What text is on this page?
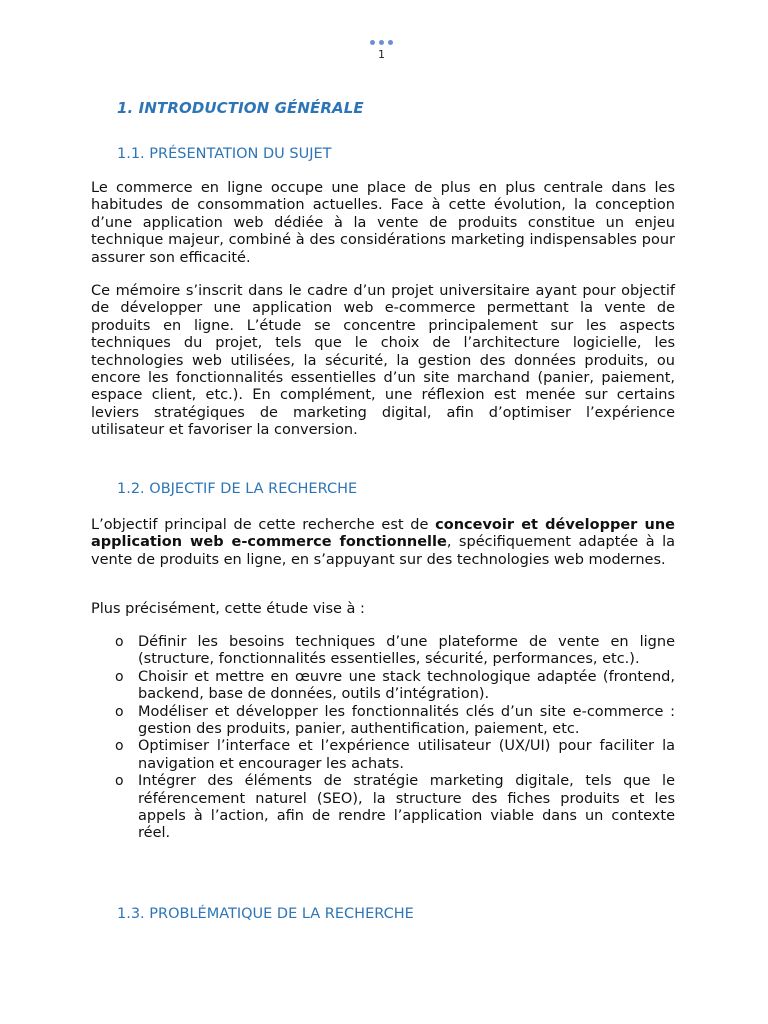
1
1. INTRODUCTION GÉNÉRALE
1.1. PRÉSENTATION DU SUJET
Le commerce en ligne occupe une place de plus en plus centrale dans les habitudes de consommation actuelles. Face à cette évolution, la conception d’une application web dédiée à la vente de produits constitue un enjeu technique majeur, combiné à des considérations marketing indispensables pour assurer son efficacité.
Ce mémoire s’inscrit dans le cadre d’un projet universitaire ayant pour objectif de développer une application web e-commerce permettant la vente de produits en ligne. L’étude se concentre principalement sur les aspects techniques du projet, tels que le choix de l’architecture logicielle, les technologies web utilisées, la sécurité, la gestion des données produits, ou encore les fonctionnalités essentielles d’un site marchand (panier, paiement, espace client, etc.). En complément, une réflexion est menée sur certains leviers stratégiques de marketing digital, afin d’optimiser l’expérience utilisateur et favoriser la conversion.
1.2. OBJECTIF DE LA RECHERCHE
L’objectif principal de cette recherche est de concevoir et développer une application web e-commerce fonctionnelle, spécifiquement adaptée à la vente de produits en ligne, en s’appuyant sur des technologies web modernes.
Plus précisément, cette étude vise à :
o Définir les besoins techniques d’une plateforme de vente en ligne (structure, fonctionnalités essentielles, sécurité, performances, etc.).
o Choisir et mettre en œuvre une stack technologique adaptée (frontend, backend, base de données, outils d’intégration).
o Modéliser et développer les fonctionnalités clés d’un site e-commerce : gestion des produits, panier, authentification, paiement, etc.
o Optimiser l’interface et l’expérience utilisateur (UX/UI) pour faciliter la navigation et encourager les achats.
o Intégrer des éléments de stratégie marketing digitale, tels que le référencement naturel (SEO), la structure des fiches produits et les appels à l’action, afin de rendre l’application viable dans un contexte réel.
1.3. PROBLÉMATIQUE DE LA RECHERCHE
